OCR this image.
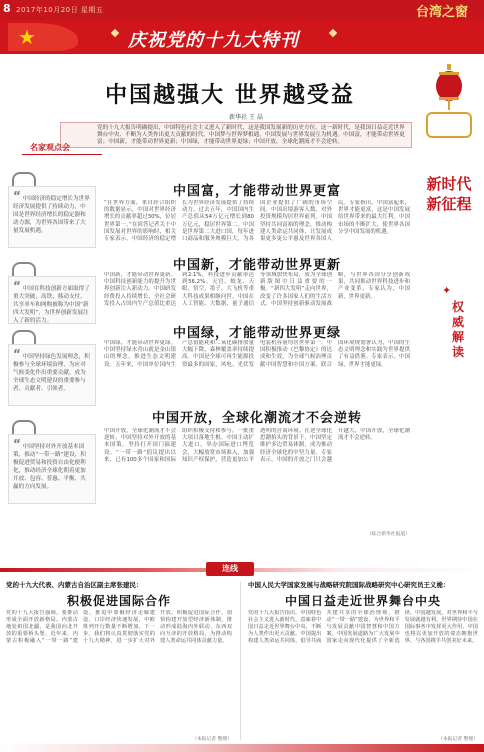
8 2017年10月20日 星期五	台湾之窗
★	庆祝党的十九大特刊
新时代 新征程
✦
权威解读
中国越强大 世界越受益
新华社 王 晶
党的十九大报告明确提出，中国特色社会主义进入了新时代，这是我国发展新的历史方位。这一新时代，是我国日益走近世界舞台中央、不断为人类作出更大贡献的时代。中国梦与世界梦相通，中国发展与世界发展互为机遇。中国富，才能带动世界更富；中国新，才能带动世界更新；中国绿，才能带动世界更绿；中国开放，全球化潮流才不会逆转。
名家观点会
“ 中国经济的稳定增长为世界经济发展提供了持续动力，中国是世界经济增长的稳定器和动力源，为世界各国带来了大量发展机遇。
中国富，才能带动世界更富
“在世界方面，来自经合组织的数据显示，中国对世界经济增长的贡献率超过30%，位居世界第一。”在回答记者关于中国发展对世界的影响时，相关专家表示。中国经济的稳定增长为世界经济发展提供了持续动力。过去五年，中国国内生产总值从54万亿元增长到80万亿元，稳居世界第二。中国是世界第二大进口国，每年进口商品和服务规模巨大，为各国企业提供了广阔的市场空间。中国出境游客人数、对外投资规模均居世界前列。中国坚持共同富裕的理念，推动构建人类命运共同体，让发展成果更多更公平惠及世界各国人民。专家指出，中国富起来，世界才能更富，这是中国发展给世界带来的最大红利。中国市场的不断扩大，使世界各国分享中国发展的机遇。
“ 中国在科技创新方面取得了重大突破，高铁、移动支付、共享单车和网购被称为中国“新四大发明”，为世界创新发展注入了新的活力。
中国新，才能带动世界更新
中国新，才能带动世界更新。中国科技创新能力的提升为世界创新注入新动力。中国研发经费投入持续增长，全社会研发投入占国内生产总值比重达到2.1%，科技进步贡献率达到56.2%。天宫、蛟龙、天眼、悟空、墨子、大飞机等重大科技成果相继问世。中国在人工智能、大数据、量子通信等领域加快布局，成为全球创新版图中日益重要的一极。“新四大发明”走向世界，改变了许多国家人们的生活方式。中国坚持创新驱动发展战略，与世界各国分享创新成果，共同推动世界科技进步和产业变革。专家认为，中国新，世界更新。
“ 中国坚持绿色发展理念，积极参与全球环境治理，为应对气候变化作出重要贡献，成为全球生态文明建设的重要参与者、贡献者、引领者。
中国绿，才能带动世界更绿
中国绿，才能带动世界更绿。中国坚持绿水青山就是金山银山的理念，推进生态文明建设。五年来，中国单位国内生产总值能耗和二氧化碳排放量大幅下降，森林覆盖率持续提高。中国是全球可再生能源投资最多的国家，风电、光伏发电装机容量均居世界第一。中国积极推动《巴黎协定》的达成和生效，为全球气候治理贡献中国智慧和中国方案。联合国环境规划署认为，中国的生态文明理念和实践为世界提供了有益借鉴。专家表示，中国绿，世界才能更绿。
“ 中国坚持对外开放基本国策，推动“一带一路”建设，积极促进贸易和投资自由化便利化，推动经济全球化朝着更加开放、包容、普惠、平衡、共赢的方向发展。
中国开放，全球化潮流才不会逆转
中国开放，全球化潮流才不会逆转。中国坚持对外开放的基本国策，坚持打开国门搞建设。“一带一路”倡议提出以来，已有100多个国家和国际组织积极支持和参与，一批重大项目落地生根。中国主动扩大进口，举办国际进口博览会，大幅放宽市场准入，加强知识产权保护，营造更加公平透明的营商环境。在逆全球化思潮抬头的背景下，中国坚定维护多边贸易体制，成为推动经济全球化的中坚力量。专家表示，中国的开放之门只会越开越大，中国开放，全球化潮流才不会逆转。
（综合新华社报道）
连线
党的十九大代表、内蒙古自治区副主席张建民：
积极促进国际合作
党的十九大报告强调，要推动形成全面开放新格局。内蒙古地处祖国北疆，是我国向北开放的重要桥头堡。近年来，内蒙古积极融入“一带一路”建设，推进中蒙俄经济走廊建设，口岸经济快速发展，中欧班列开行数量不断增加。下一步，我们将认真贯彻落实党的十九大精神，进一步扩大对外开放，积极促进国际合作，加快构建开放型经济新体制，推动形成陆海内外联动、东西双向互济的开放格局，为推动构建人类命运共同体贡献力量。
（本报记者 整理）
中国人民大学国家发展与战略研究院国际战略研究中心研究员王义桅：
中国日益走近世界舞台中央
党的十九大报告指出，中国特色社会主义进入新时代，意味着中国日益走近世界舞台中央、不断为人类作出更大贡献。中国提出构建人类命运共同体，倡导共商共建共享的全球治理观，推动“一带一路”建设，为世界和平与发展贡献中国智慧和中国方案。中国发展道路为广大发展中国家走向现代化提供了全新选择。中国越发展，对世界和平与发展就越有利。世界期待中国在国际事务中发挥更大作用，中国也将以更加开放的姿态拥抱世界，与各国携手共创美好未来。
（本报记者 整理）
